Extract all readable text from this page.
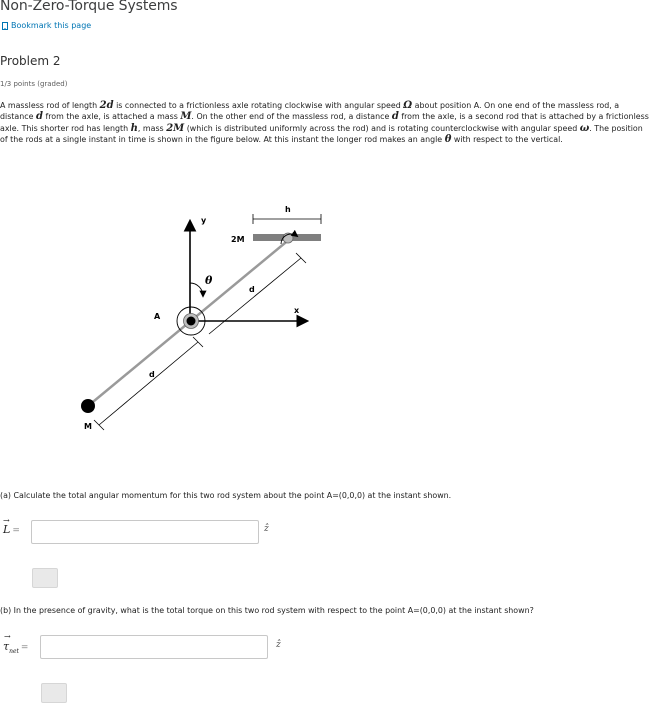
Non-Zero-Torque Systems
Bookmark this page
Problem 2
1/3 points (graded)

A massless rod of length 2d is connected to a frictionless axle rotating clockwise with angular speed Ω about position A. On one end of the massless rod, a distance d from the axle, is attached a mass M. On the other end of the massless rod, a distance d from the axle, is a second rod that is attached by a frictionless axle. This shorter rod has length h, mass 2M (which is distributed uniformly across the rod) and is rotating counterclockwise with angular speed ω. The position of the rods at a single instant in time is shown in the figure below. At this instant the longer rod makes an angle θ with respect to the vertical.

y
x
d
d
A
θ
M
2M
h
(a) Calculate the total angular momentum for this two rod system about the point A=(0,0,0) at the instant shown.
→
L =	ẑ
(b) In the presence of gravity, what is the total torque on this two rod system with respect to the point A=(0,0,0) at the instant shown?
→
$\tau_{net}$ =	ẑ
